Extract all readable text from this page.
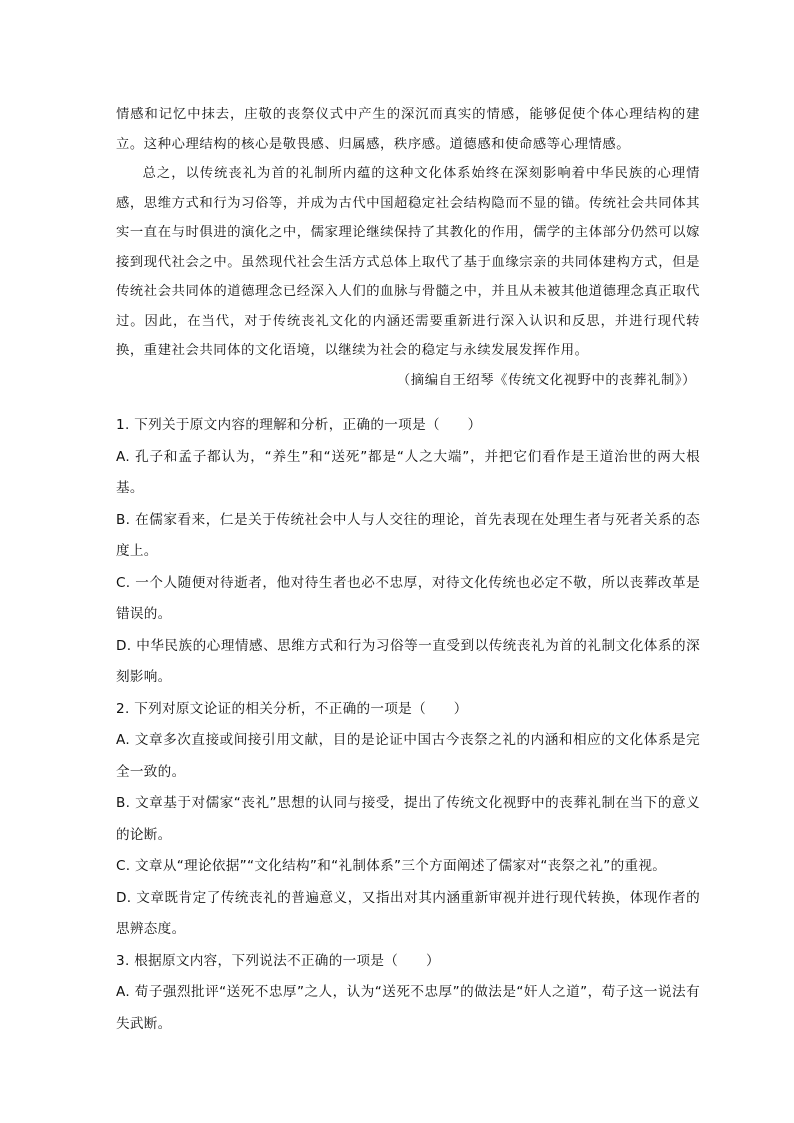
情感和记忆中抹去，庄敬的丧祭仪式中产生的深沉而真实的情感，能够促使个体心理结构的建立。这种心理结构的核心是敬畏感、归属感，秩序感。道德感和使命感等心理情感。

总之，以传统丧礼为首的礼制所内蕴的这种文化体系始终在深刻影响着中华民族的心理情感，思维方式和行为习俗等，并成为古代中国超稳定社会结构隐而不显的锚。传统社会共同体其实一直在与时俱进的演化之中，儒家理论继续保持了其教化的作用，儒学的主体部分仍然可以嫁接到现代社会之中。虽然现代社会生活方式总体上取代了基于血缘宗亲的共同体建构方式，但是传统社会共同体的道德理念已经深入人们的血脉与骨髓之中，并且从未被其他道德理念真正取代过。因此，在当代，对于传统丧礼文化的内涵还需要重新进行深入认识和反思，并进行现代转换，重建社会共同体的文化语境，以继续为社会的稳定与永续发展发挥作用。

（摘编自王绍琴《传统文化视野中的丧葬礼制》）

1. 下列关于原文内容的理解和分析，正确的一项是（　　）

A. 孔子和孟子都认为，“养生”和“送死”都是“人之大端”，并把它们看作是王道治世的两大根基。

B. 在儒家看来，仁是关于传统社会中人与人交往的理论，首先表现在处理生者与死者关系的态度上。

C. 一个人随便对待逝者，他对待生者也必不忠厚，对待文化传统也必定不敬，所以丧葬改革是错误的。

D. 中华民族的心理情感、思维方式和行为习俗等一直受到以传统丧礼为首的礼制文化体系的深刻影响。

2. 下列对原文论证的相关分析，不正确的一项是（　　）

A. 文章多次直接或间接引用文献，目的是论证中国古今丧祭之礼的内涵和相应的文化体系是完全一致的。

B. 文章基于对儒家“丧礼”思想的认同与接受，提出了传统文化视野中的丧葬礼制在当下的意义的论断。

C. 文章从“理论依据”“文化结构”和“礼制体系”三个方面阐述了儒家对“丧祭之礼”的重视。

D. 文章既肯定了传统丧礼的普遍意义，又指出对其内涵重新审视并进行现代转换，体现作者的思辨态度。

3. 根据原文内容，下列说法不正确的一项是（　　）

A. 荀子强烈批评“送死不忠厚”之人，认为“送死不忠厚”的做法是“奸人之道”，荀子这一说法有失武断。
